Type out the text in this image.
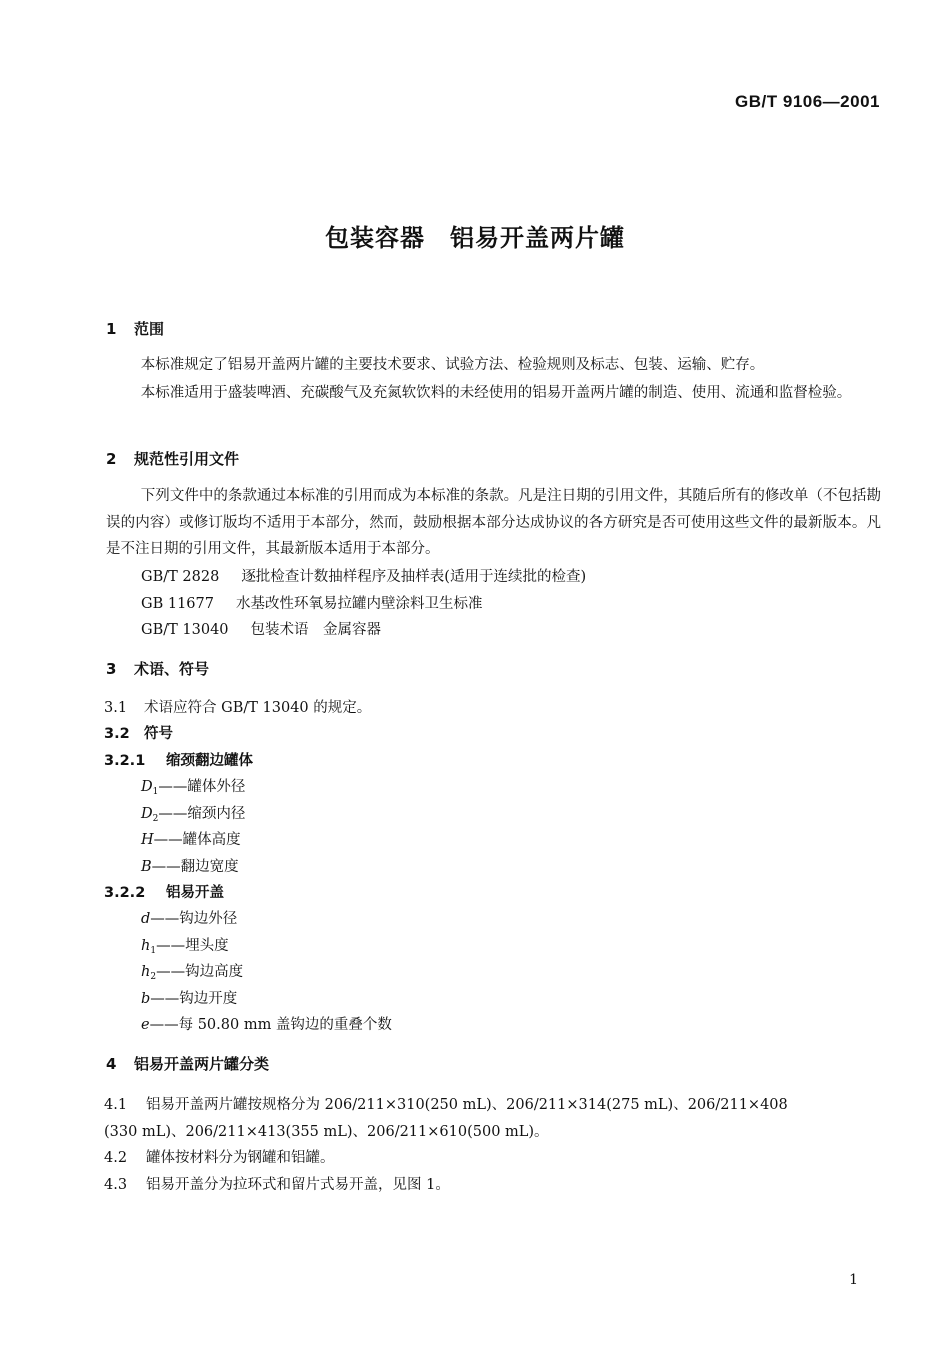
GB/T 9106—2001
包装容器　铝易开盖两片罐
1 范围
本标准规定了铝易开盖两片罐的主要技术要求、试验方法、检验规则及标志、包装、运输、贮存。
本标准适用于盛装啤酒、充碳酸气及充氮软饮料的未经使用的铝易开盖两片罐的制造、使用、流通和监督检验。
2 规范性引用文件
下列文件中的条款通过本标准的引用而成为本标准的条款。凡是注日期的引用文件，其随后所有的修改单（不包括勘误的内容）或修订版均不适用于本部分，然而，鼓励根据本部分达成协议的各方研究是否可使用这些文件的最新版本。凡是不注日期的引用文件，其最新版本适用于本部分。
GB/T 2828 逐批检查计数抽样程序及抽样表(适用于连续批的检查)
GB 11677 水基改性环氧易拉罐内壁涂料卫生标准
GB/T 13040 包装术语　金属容器
3 术语、符号
3.1 术语应符合 GB/T 13040 的规定。
3.2 符号
3.2.1 缩颈翻边罐体
$D_1——$罐体外径
$D_2——$缩颈内径
H——罐体高度
B——翻边宽度
3.2.2 铝易开盖
d——钩边外径
$h_1——$埋头度
$h_2——$钩边高度
b——钩边开度
e——每 50.80 mm 盖钩边的重叠个数
4 铝易开盖两片罐分类
4.1 铝易开盖两片罐按规格分为 206/211×310(250 mL)、206/211×314(275 mL)、206/211×408
(330 mL)、206/211×413(355 mL)、206/211×610(500 mL)。
4.2 罐体按材料分为钢罐和铝罐。
4.3 铝易开盖分为拉环式和留片式易开盖，见图 1。
1
